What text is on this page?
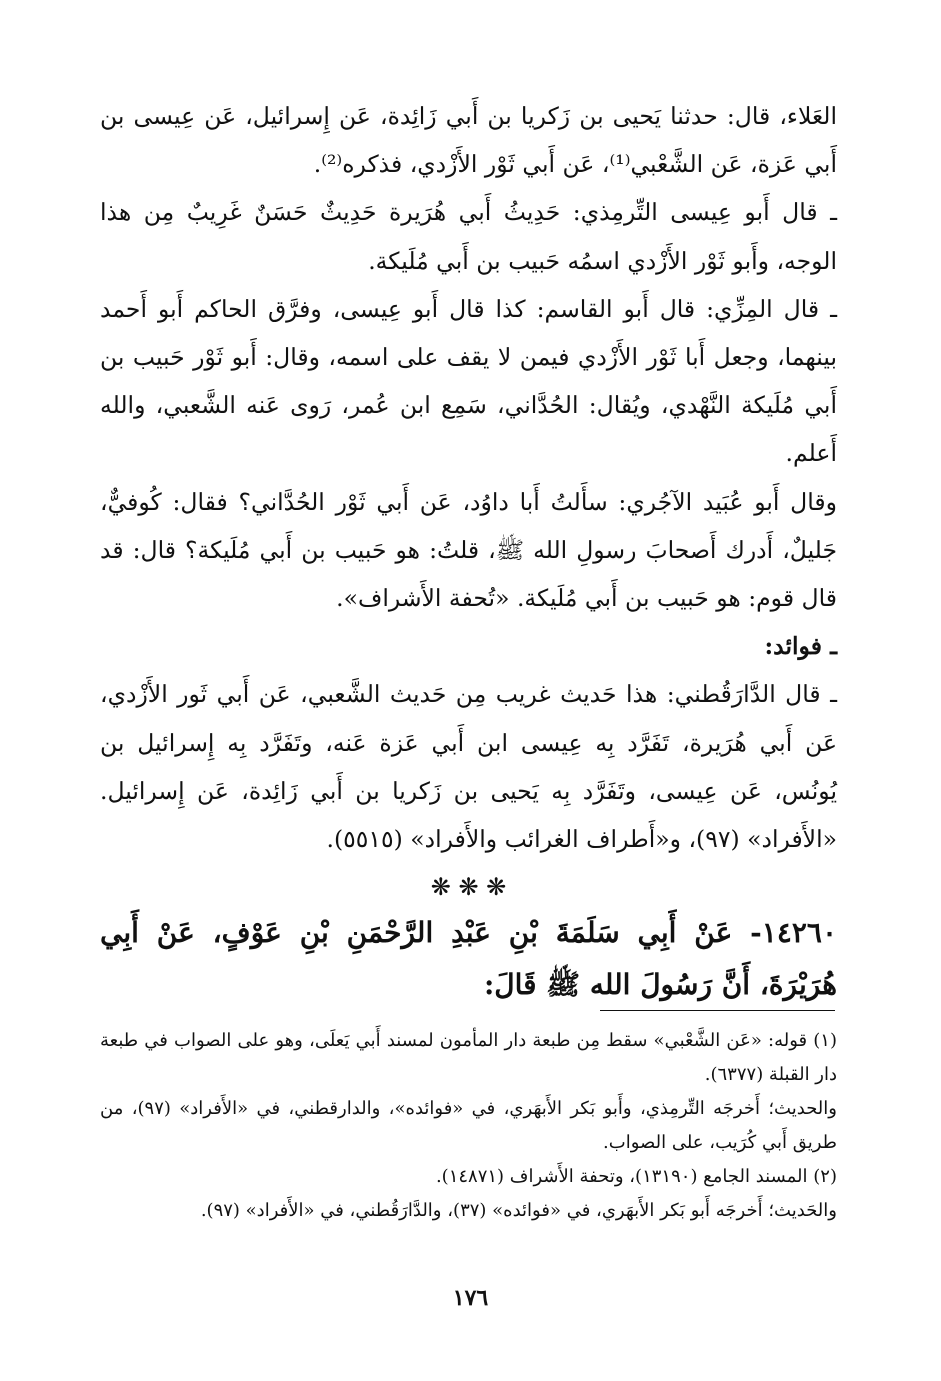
العَلاء، قال: حدثنا يَحيى بن زَكريا بن أَبي زَائِدة، عَن إِسرائيل، عَن عِيسى بن أَبي عَزة، عَن الشَّعْبي⁽¹⁾، عَن أَبي ثَوْر الأَزْدي، فذكره⁽²⁾.

ـ قال أَبو عِيسى التِّرمِذي: حَدِيثُ أَبي هُرَيرة حَدِيثٌ حَسَنٌ غَرِيبٌ مِن هذا الوجه، وأَبو ثَوْر الأَزْدي اسمُه حَبيب بن أَبي مُلَيكة.

ـ قال المِزِّي: قال أَبو القاسم: كذا قال أَبو عِيسى، وفرَّق الحاكم أَبو أَحمد بينهما، وجعل أَبا ثَوْر الأَزْدي فيمن لا يقف على اسمه، وقال: أَبو ثَوْر حَبيب بن أَبي مُلَيكة النَّهْدي، ويُقال: الحُدَّاني، سَمِع ابن عُمر، رَوى عَنه الشَّعبي، والله أَعلم.

وقال أَبو عُبَيد الآجُري: سأَلتُ أَبا داوُد، عَن أَبي ثَوْر الحُدَّاني؟ فقال: كُوفيٌّ، جَليلٌ، أَدرك أَصحابَ رسولِ الله ﷺ، قلتُ: هو حَبيب بن أَبي مُلَيكة؟ قال: قد قال قوم: هو حَبيب بن أَبي مُلَيكة. «تُحفة الأَشراف».

ـ فوائد:

ـ قال الدَّارَقُطني: هذا حَديث غريب مِن حَديث الشَّعبي، عَن أَبي ثَور الأَزْدي، عَن أَبي هُرَيرة، تَفَرَّد بِه عِيسى ابن أَبي عَزة عَنه، وتَفَرَّد بِه إِسرائيل بن يُونُس، عَن عِيسى، وتَفَرَّد بِه يَحيى بن زَكريا بن أَبي زَائِدة، عَن إِسرائيل. «الأَفراد» (٩٧)، و«أَطراف الغرائب والأَفراد» (٥٥١٥).

❋ ❋ ❋

١٤٢٦٠- عَنْ أَبِي سَلَمَةَ بْنِ عَبْدِ الرَّحْمَنِ بْنِ عَوْفٍ، عَنْ أَبِي هُرَيْرَةَ، أَنَّ رَسُولَ الله ﷺ قَالَ:

(١) قوله: «عَن الشَّعْبي» سقط مِن طبعة دار المأمون لمسند أَبي يَعلَى، وهو على الصواب في طبعة دار القبلة (٦٣٧٧).

والحديث؛ أَخرجَه التِّرمِذي، وأَبو بَكر الأَبهَري، في «فوائده»، والدارقطني، في «الأَفراد» (٩٧)، من طريق أَبي كُرَيب، على الصواب.

(٢) المسند الجامع (١٣١٩٠)، وتحفة الأَشراف (١٤٨٧١).

والحَديث؛ أَخرجَه أَبو بَكر الأَبهَري، في «فوائده» (٣٧)، والدَّارَقُطني، في «الأَفراد» (٩٧).

١٧٦
